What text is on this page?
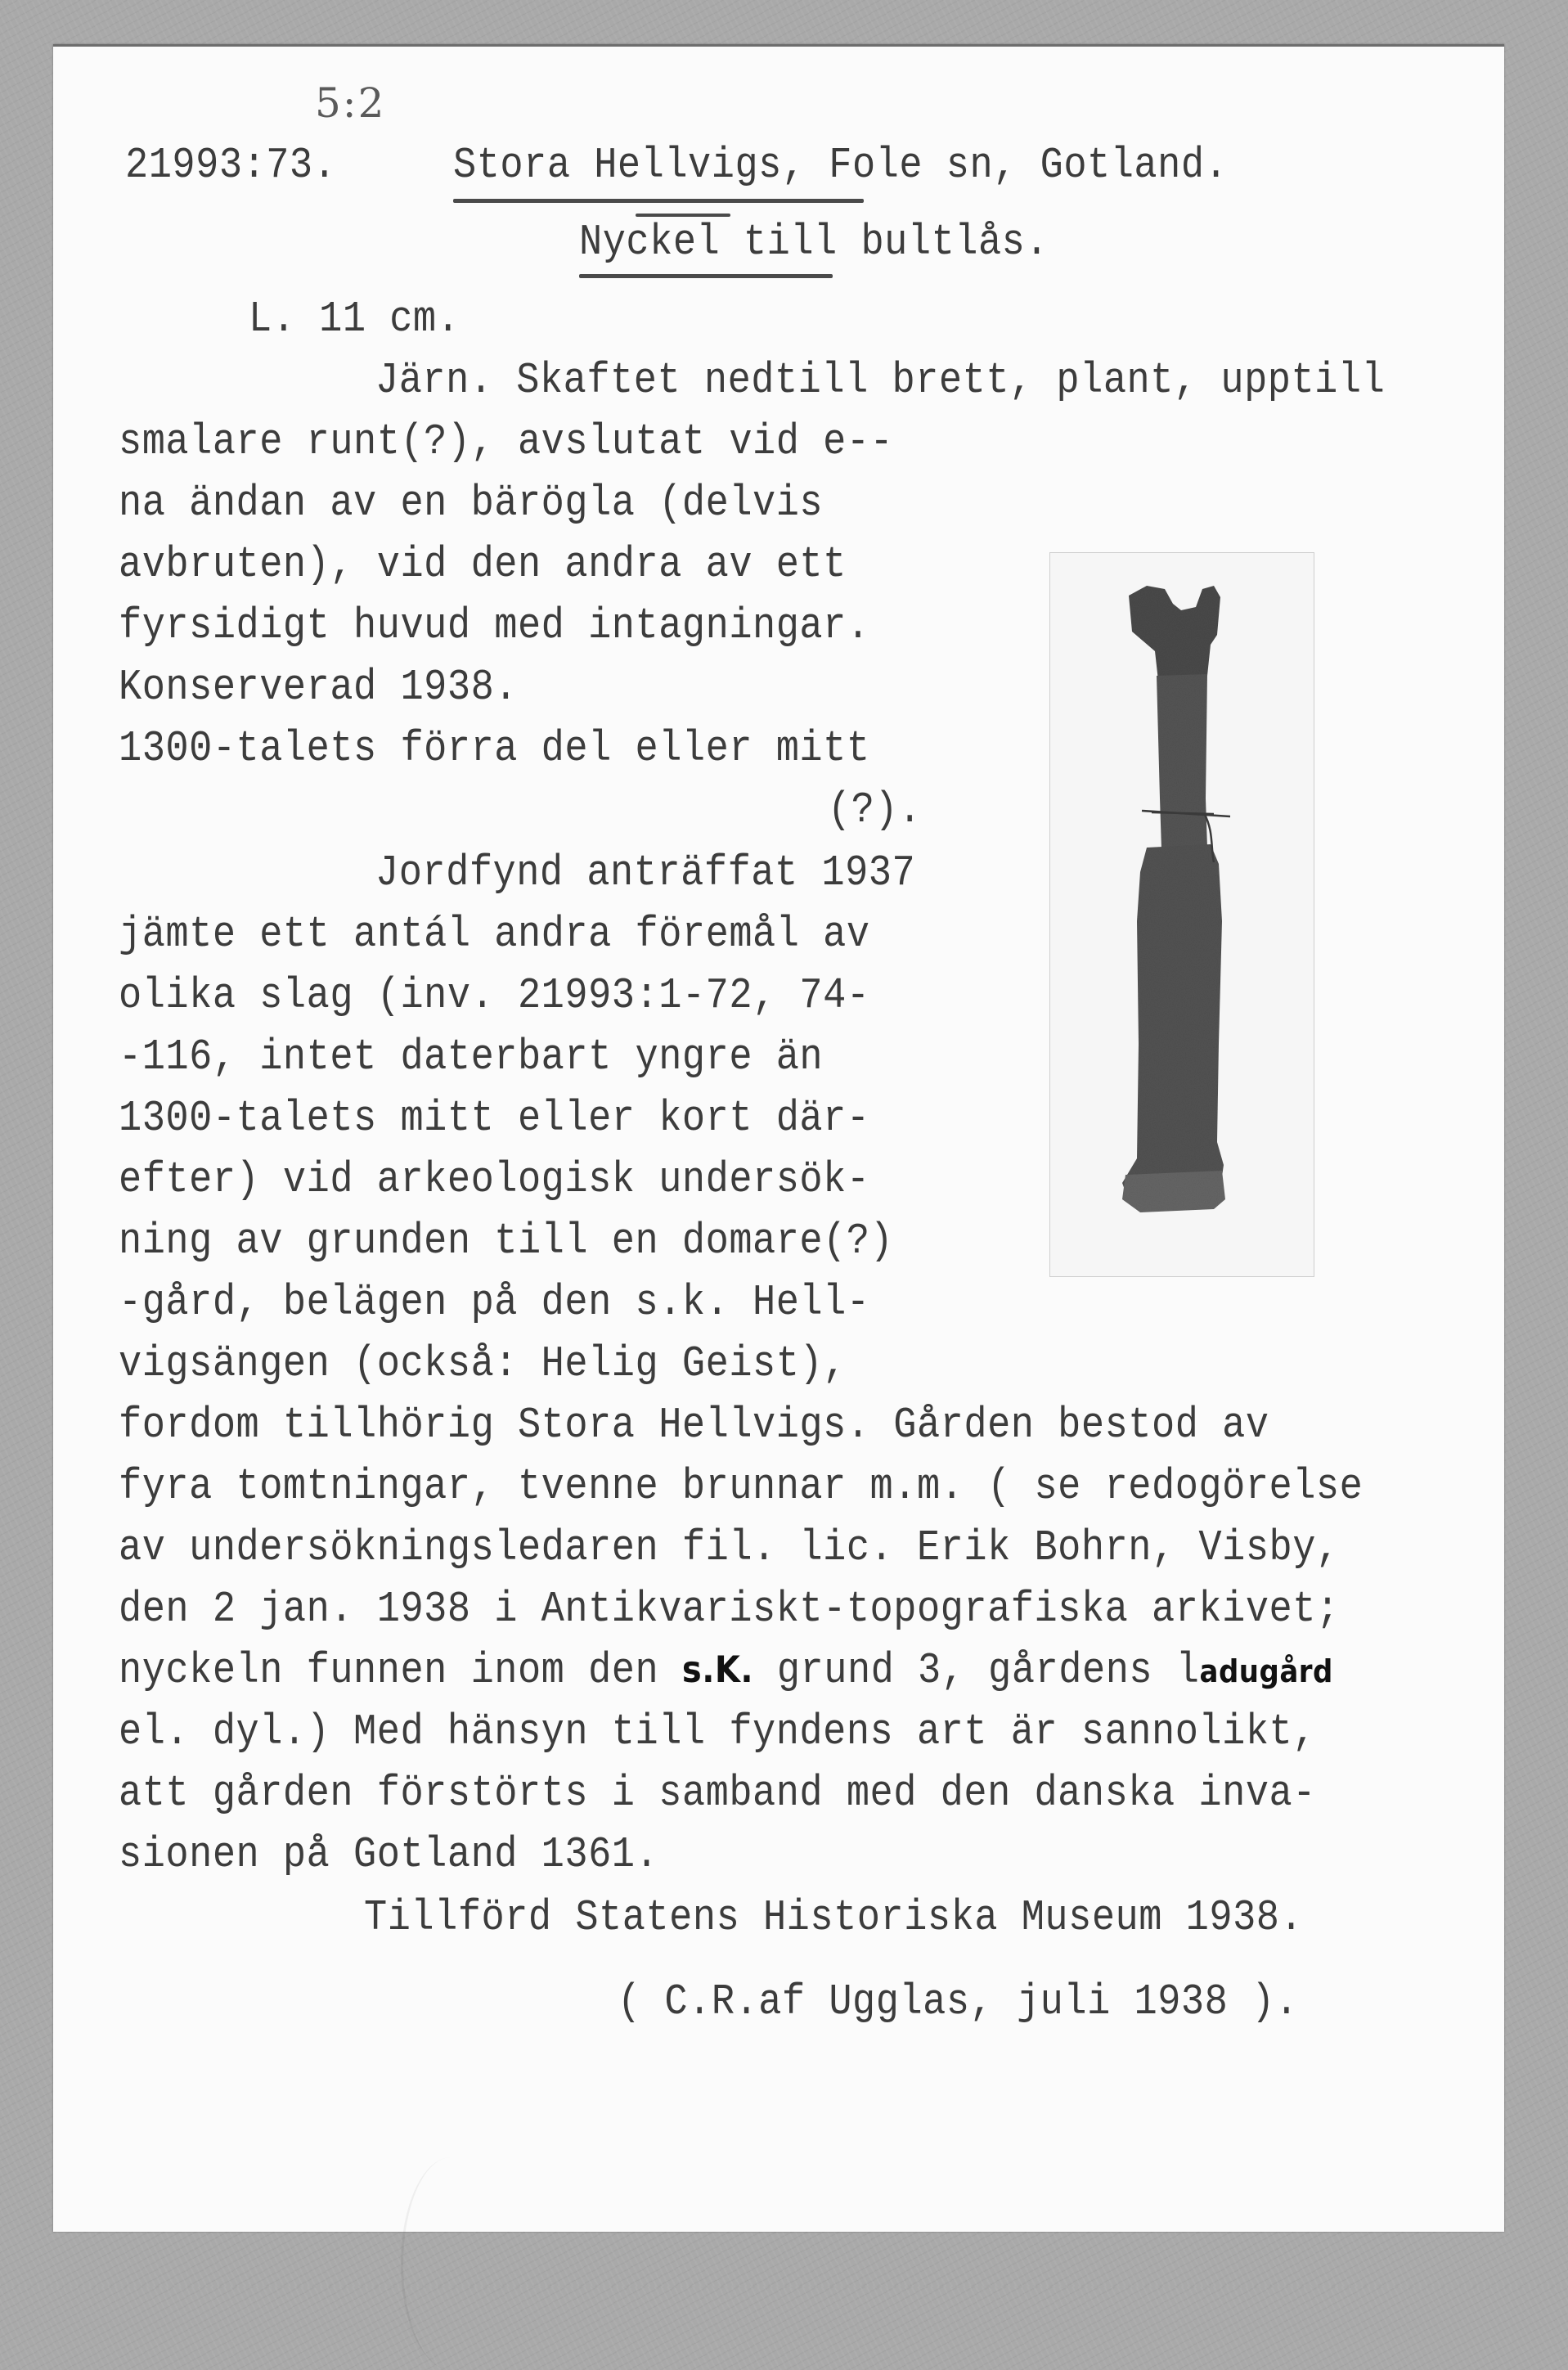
5:2
21993:73.	Stora Hellvigs, Fole sn, Gotland.
Nyckel till bultlås.
L. 11 cm.
Järn. Skaftet nedtill brett, plant, upptill
smalare runt(?), avslutat vid e--
na ändan av en bärögla (delvis
avbruten), vid den andra av ett
fyrsidigt huvud med intagningar.
Konserverad 1938.
1300-talets förra del eller mitt
(?).
Jordfynd anträffat 1937
jämte ett antál andra föremål av
olika slag (inv. 21993:1-72, 74-
-116, intet daterbart yngre än
1300-talets mitt eller kort där-
efter) vid arkeologisk undersök-
ning av grunden till en domare(?)
-gård, belägen på den s.k. Hell-
vigsängen (också: Helig Geist),
fordom tillhörig Stora Hellvigs. Gården bestod av
fyra tomtningar, tvenne brunnar m.m. ( se redogörelse
av undersökningsledaren fil. lic. Erik Bohrn, Visby,
den 2 jan. 1938 i Antikvariskt-topografiska arkivet;
nyckeln funnen inom den s.K. grund 3, gårdens ladugård
el. dyl.) Med hänsyn till fyndens art är sannolikt,
att gården förstörts i samband med den danska inva-
sionen på Gotland 1361.
Tillförd Statens Historiska Museum 1938.
( C.R.af Ugglas, juli 1938 ).
